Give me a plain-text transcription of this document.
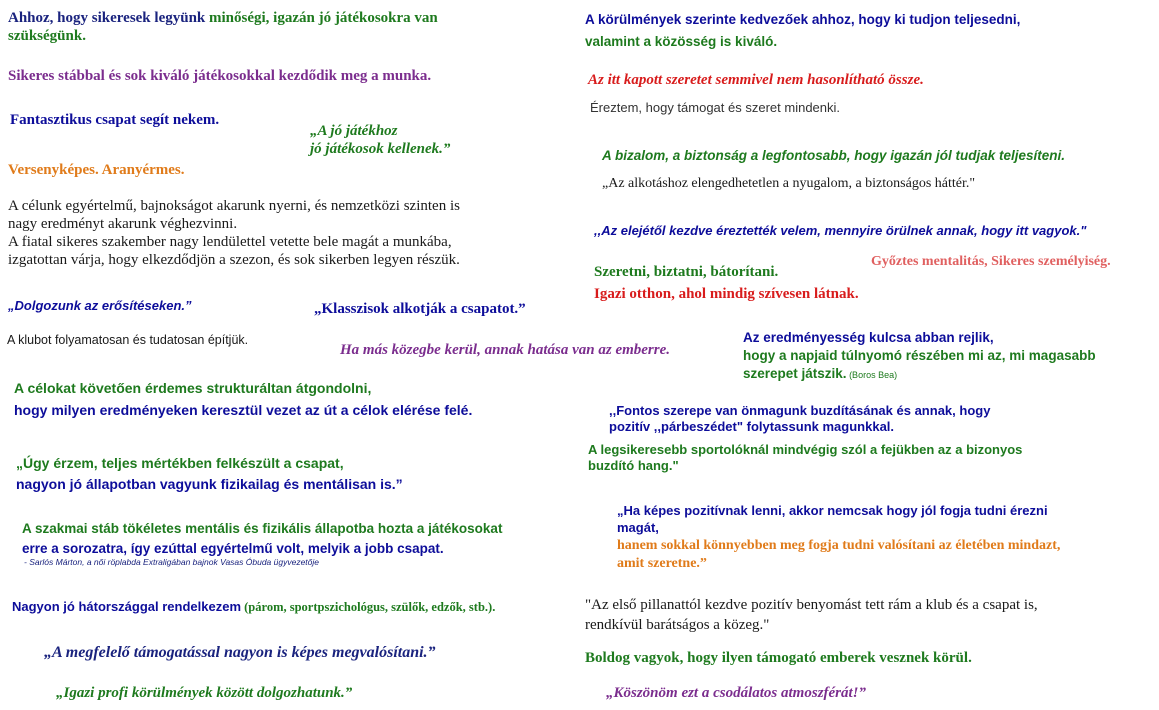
Ahhoz, hogy sikeresek legyünk minőségi, igazán jó játékosokra van
szükségünk.
Sikeres stábbal és sok kiváló játékosokkal kezdődik meg a munka.
Fantasztikus csapat segít nekem.
„A jó játékhoz
jó játékosok kellenek.”
Versenyképes. Aranyérmes.
A célunk egyértelmű, bajnokságot akarunk nyerni, és nemzetközi szinten is
nagy eredményt akarunk véghezvinni.
A fiatal sikeres szakember nagy lendülettel vetette bele magát a munkába,
izgatottan várja, hogy elkezdődjön a szezon, és sok sikerben legyen részük.
„Dolgozunk az erősítéseken.”	„Klasszisok alkotják a csapatot.”
A klubot folyamatosan és tudatosan építjük.
Ha más közegbe kerül, annak hatása van az emberre.
A célokat követően érdemes strukturáltan átgondolni,
hogy milyen eredményeken keresztül vezet az út a célok elérése felé.
„Úgy érzem, teljes mértékben felkészült a csapat,
nagyon jó állapotban vagyunk fizikailag és mentálisan is.”
A szakmai stáb tökéletes mentális és fizikális állapotba hozta a játékosokat
erre a sorozatra, így ezúttal egyértelmű volt, melyik a jobb csapat.
- Sarlós Márton, a női röplabda Extraligában bajnok Vasas Óbuda ügyvezetője
Nagyon jó hátországgal rendelkezem (párom, sportpszichológus, szülők, edzők, stb.).
„A megfelelő támogatással nagyon is képes megvalósítani.”
„Igazi profi körülmények között dolgozhatunk.”
A körülmények szerinte kedvezőek ahhoz, hogy ki tudjon teljesedni,
valamint a közösség is kiváló.
Az itt kapott szeretet semmivel nem hasonlítható össze.
Éreztem, hogy támogat és szeret mindenki.
A bizalom, a biztonság a legfontosabb, hogy igazán jól tudjak teljesíteni.
„Az alkotáshoz elengedhetetlen a nyugalom, a biztonságos háttér."
,,Az elejétől kezdve éreztették velem, mennyire örülnek annak, hogy itt vagyok."
Győztes mentalitás, Sikeres személyiség.
Szeretni, biztatni, bátorítani.
Igazi otthon, ahol mindig szívesen látnak.
Az eredményesség kulcsa abban rejlik,
hogy a napjaid túlnyomó részében mi az, mi magasabb
szerepet játszik. (Boros Bea)
,,Fontos szerepe van önmagunk buzdításának és annak, hogy
pozitív ,,párbeszédet" folytassunk magunkkal.
A legsikeresebb sportolóknál mindvégig szól a fejükben az a bizonyos
buzdító hang."
„Ha képes pozitívnak lenni, akkor nemcsak hogy jól fogja tudni érezni
magát,
hanem sokkal könnyebben meg fogja tudni valósítani az életében mindazt,
amit szeretne.”
"Az első pillanattól kezdve pozitív benyomást tett rám a klub és a csapat is,
rendkívül barátságos a közeg."
Boldog vagyok, hogy ilyen támogató emberek vesznek körül.
„Köszönöm ezt a csodálatos atmoszférát!”
